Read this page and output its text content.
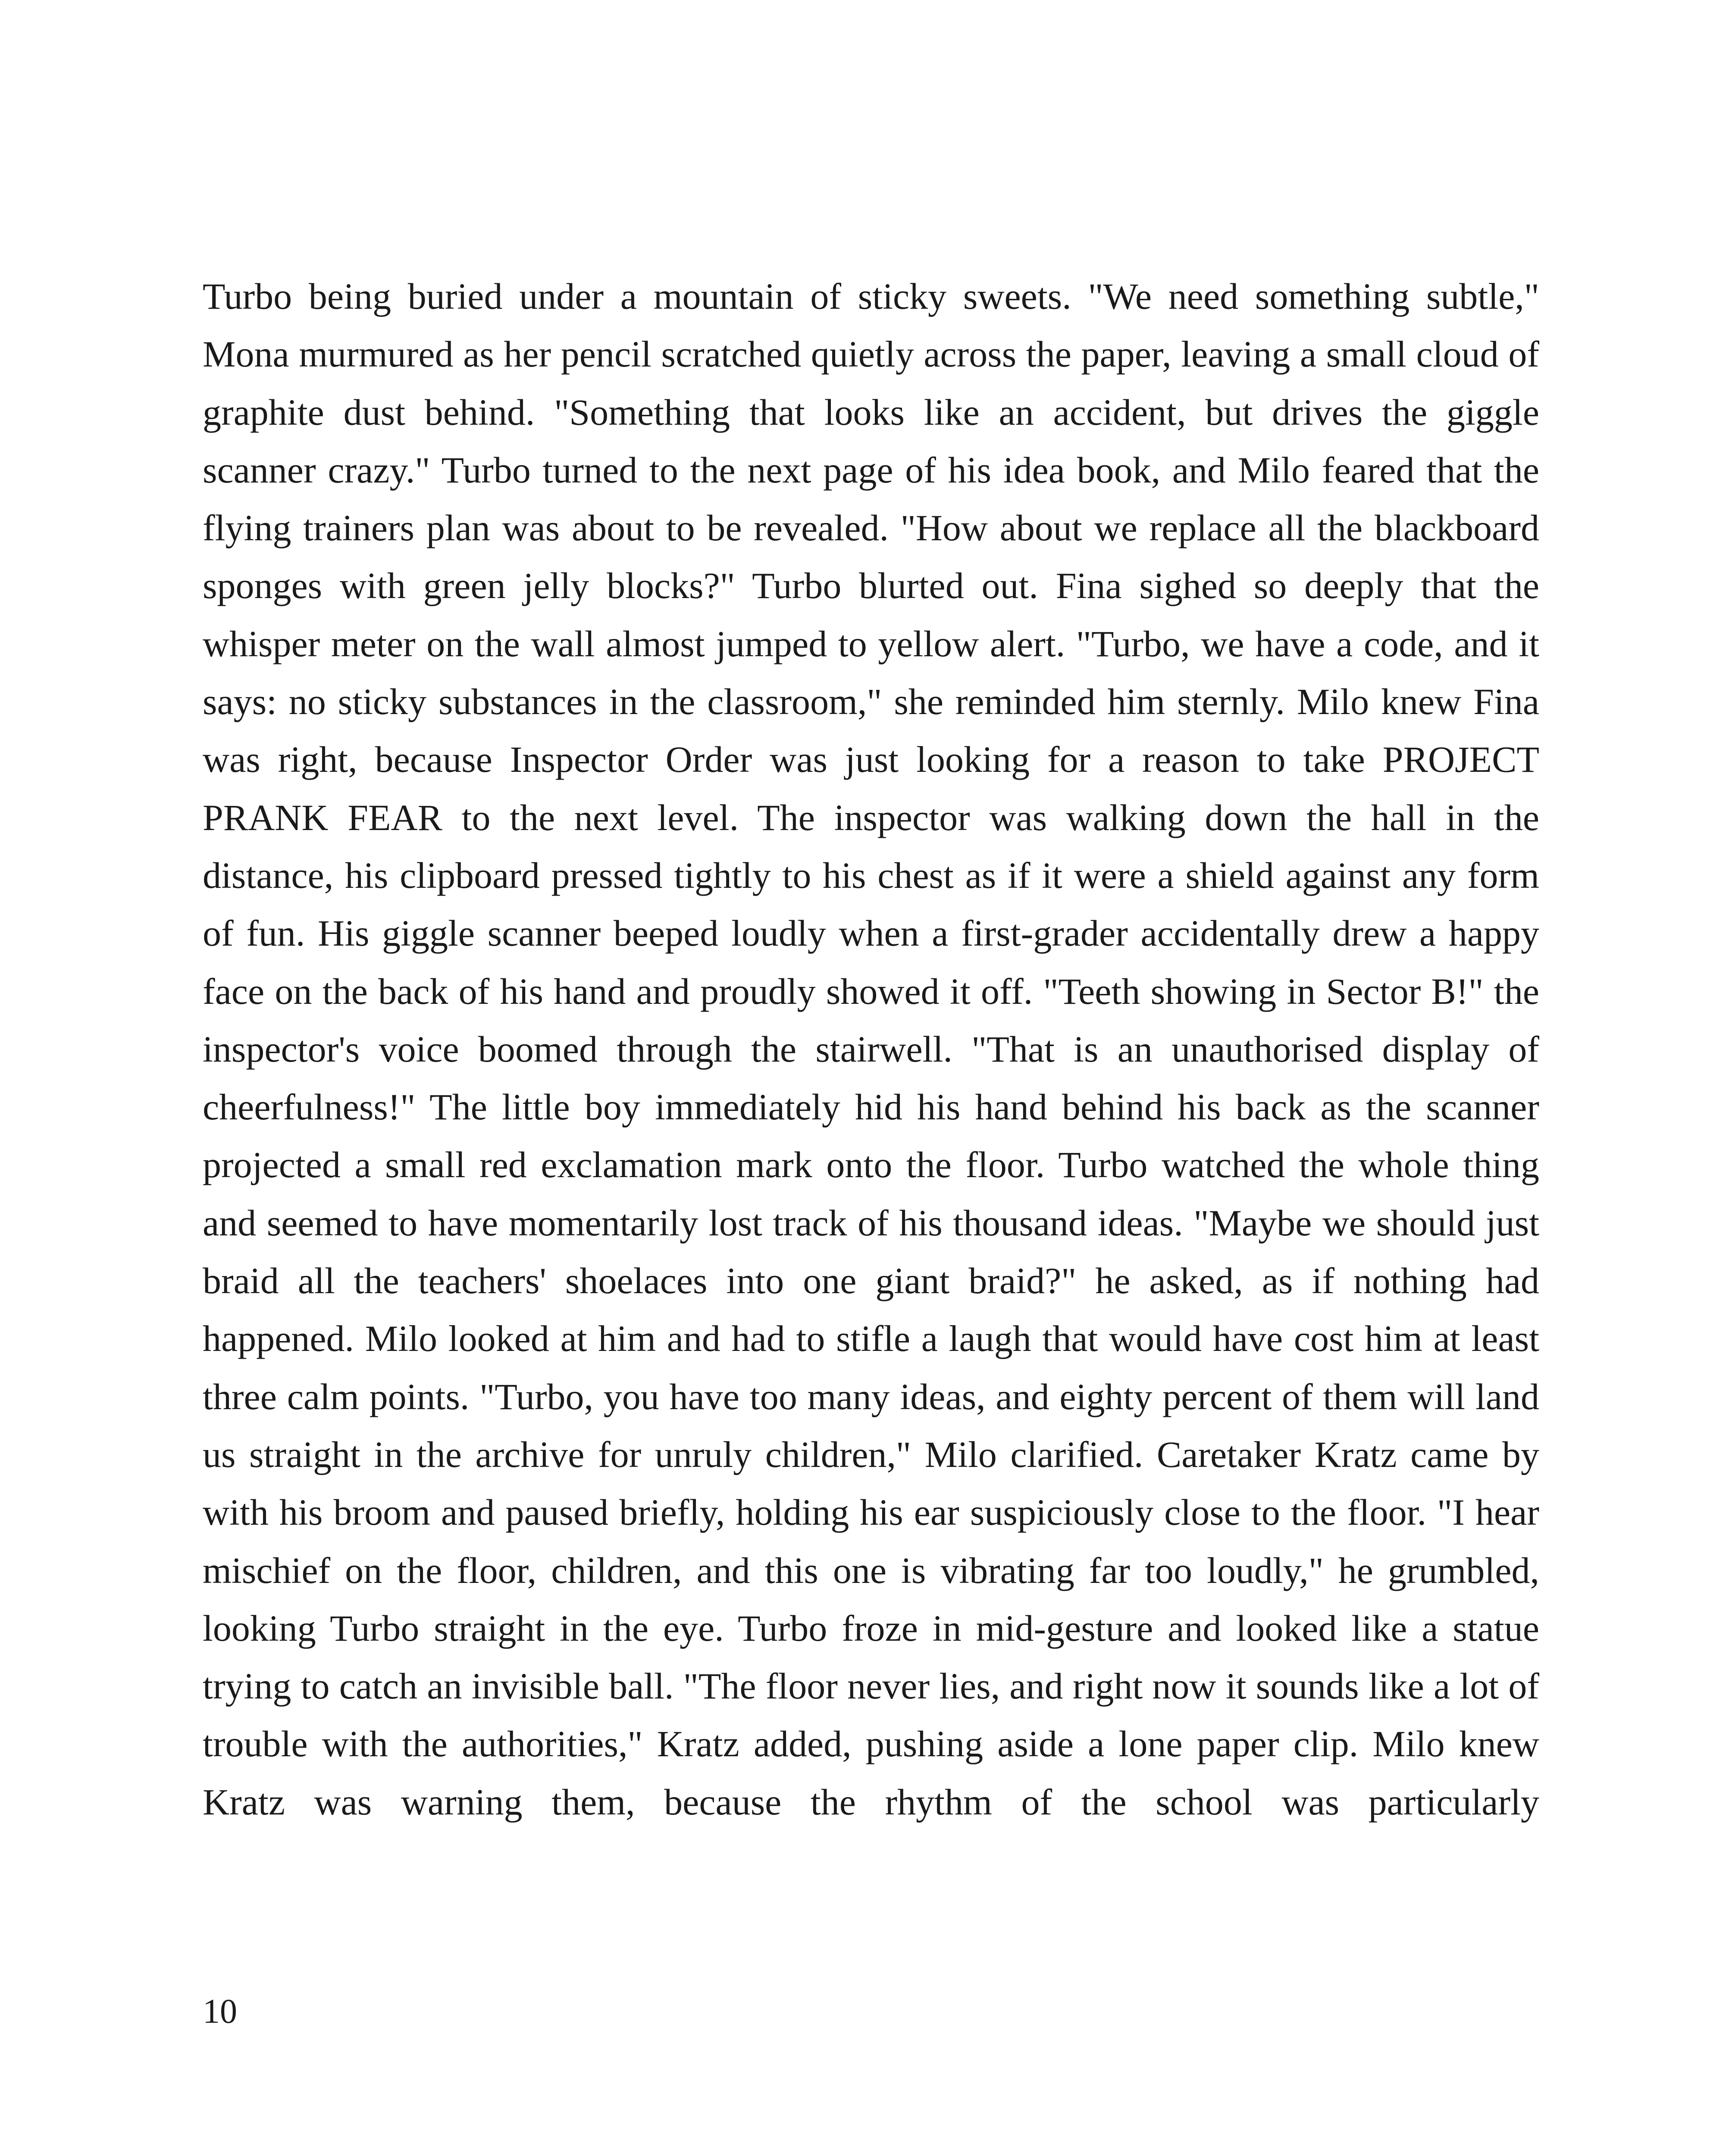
Turbo being buried under a mountain of sticky sweets. "We need something subtle," Mona murmured as her pencil scratched quietly across the paper, leaving a small cloud of graphite dust behind. "Something that looks like an accident, but drives the giggle scanner crazy." Turbo turned to the next page of his idea book, and Milo feared that the flying trainers plan was about to be revealed. "How about we replace all the blackboard sponges with green jelly blocks?" Turbo blurted out. Fina sighed so deeply that the whisper meter on the wall almost jumped to yellow alert. "Turbo, we have a code, and it says: no sticky substances in the classroom," she reminded him sternly. Milo knew Fina was right, because Inspector Order was just looking for a reason to take PROJECT PRANK FEAR to the next level. The inspector was walking down the hall in the distance, his clipboard pressed tightly to his chest as if it were a shield against any form of fun. His giggle scanner beeped loudly when a first-grader accidentally drew a happy face on the back of his hand and proudly showed it off. "Teeth showing in Sector B!" the inspector's voice boomed through the stairwell. "That is an unauthorised display of cheerfulness!" The little boy immediately hid his hand behind his back as the scanner projected a small red exclamation mark onto the floor. Turbo watched the whole thing and seemed to have momentarily lost track of his thousand ideas. "Maybe we should just braid all the teachers' shoelaces into one giant braid?" he asked, as if nothing had happened. Milo looked at him and had to stifle a laugh that would have cost him at least three calm points. "Turbo, you have too many ideas, and eighty percent of them will land us straight in the archive for unruly children," Milo clarified. Caretaker Kratz came by with his broom and paused briefly, holding his ear suspiciously close to the floor. "I hear mischief on the floor, children, and this one is vibrating far too loudly," he grumbled, looking Turbo straight in the eye. Turbo froze in mid-gesture and looked like a statue trying to catch an invisible ball. "The floor never lies, and right now it sounds like a lot of trouble with the authorities," Kratz added, pushing aside a lone paper clip. Milo knew Kratz was warning them, because the rhythm of the school was particularly

10
